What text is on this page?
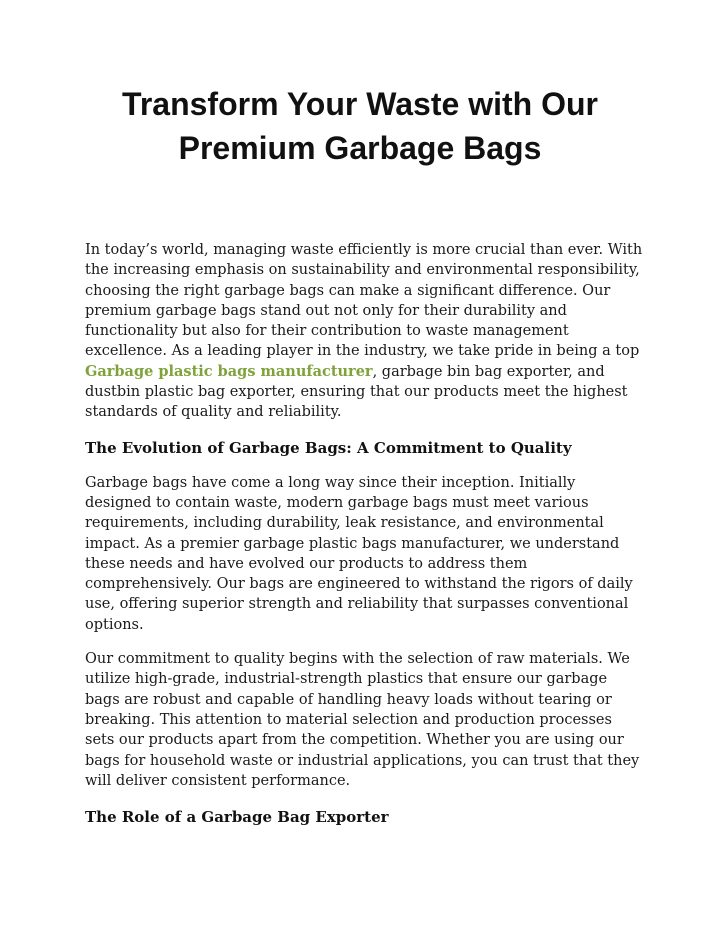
Transform Your Waste with Our
Premium Garbage Bags

In today’s world, managing waste efficiently is more crucial than ever. With the increasing emphasis on sustainability and environmental responsibility, choosing the right garbage bags can make a significant difference. Our premium garbage bags stand out not only for their durability and functionality but also for their contribution to waste management excellence. As a leading player in the industry, we take pride in being a top Garbage plastic bags manufacturer, garbage bin bag exporter, and dustbin plastic bag exporter, ensuring that our products meet the highest standards of quality and reliability.

The Evolution of Garbage Bags: A Commitment to Quality

Garbage bags have come a long way since their inception. Initially designed to contain waste, modern garbage bags must meet various requirements, including durability, leak resistance, and environmental impact. As a premier garbage plastic bags manufacturer, we understand these needs and have evolved our products to address them comprehensively. Our bags are engineered to withstand the rigors of daily use, offering superior strength and reliability that surpasses conventional options.

Our commitment to quality begins with the selection of raw materials. We utilize high-grade, industrial-strength plastics that ensure our garbage bags are robust and capable of handling heavy loads without tearing or breaking. This attention to material selection and production processes sets our products apart from the competition. Whether you are using our bags for household waste or industrial applications, you can trust that they will deliver consistent performance.

The Role of a Garbage Bag Exporter
